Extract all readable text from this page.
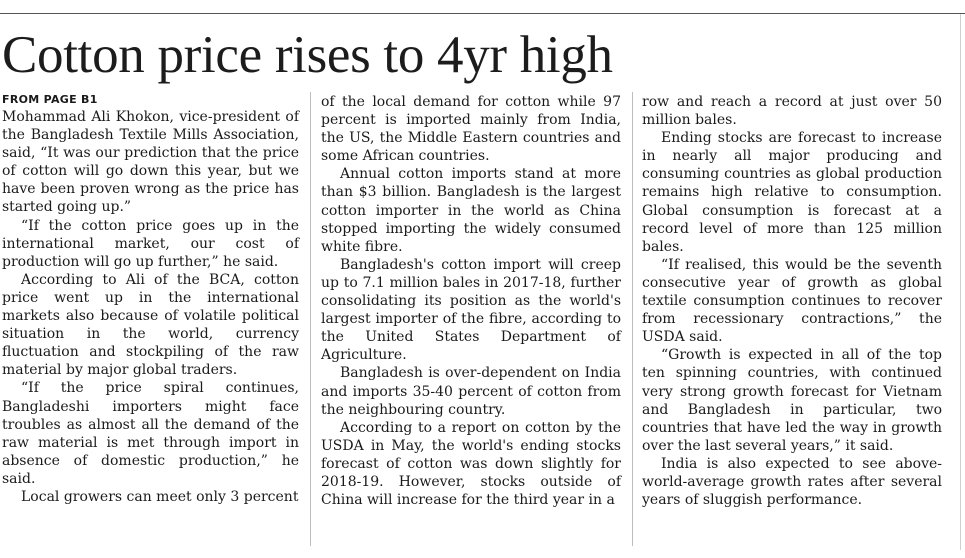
Cotton price rises to 4yr high
FROM PAGE B1

Mohammad Ali Khokon, vice-president of the Bangladesh Textile Mills Association, said, “It was our prediction that the price of cotton will go down this year, but we have been proven wrong as the price has started going up.”

“If the cotton price goes up in the international market, our cost of production will go up further,” he said.

According to Ali of the BCA, cotton price went up in the international markets also because of volatile political situation in the world, currency fluctuation and stockpiling of the raw material by major global traders.

“If the price spiral continues, Bangladeshi importers might face troubles as almost all the demand of the raw material is met through import in absence of domestic production,” he said.

Local growers can meet only 3 percent

of the local demand for cotton while 97 percent is imported mainly from India, the US, the Middle Eastern countries and some African countries.

Annual cotton imports stand at more than $3 billion. Bangladesh is the largest cotton importer in the world as China stopped importing the widely consumed white fibre.

Bangladesh's cotton import will creep up to 7.1 million bales in 2017-18, further consolidating its position as the world's largest importer of the fibre, according to the United States Department of Agriculture.

Bangladesh is over-dependent on India and imports 35-40 percent of cotton from the neighbouring country.

According to a report on cotton by the USDA in May, the world's ending stocks forecast of cotton was down slightly for 2018-19. However, stocks outside of China will increase for the third year in a

row and reach a record at just over 50 million bales.

Ending stocks are forecast to increase in nearly all major producing and consuming countries as global production remains high relative to consumption. Global consumption is forecast at a record level of more than 125 million bales.

“If realised, this would be the seventh consecutive year of growth as global textile consumption continues to recover from recessionary contractions,” the USDA said.

“Growth is expected in all of the top ten spinning countries, with continued very strong growth forecast for Vietnam and Bangladesh in particular, two countries that have led the way in growth over the last several years,” it said.

India is also expected to see above-world-average growth rates after several years of sluggish performance.
